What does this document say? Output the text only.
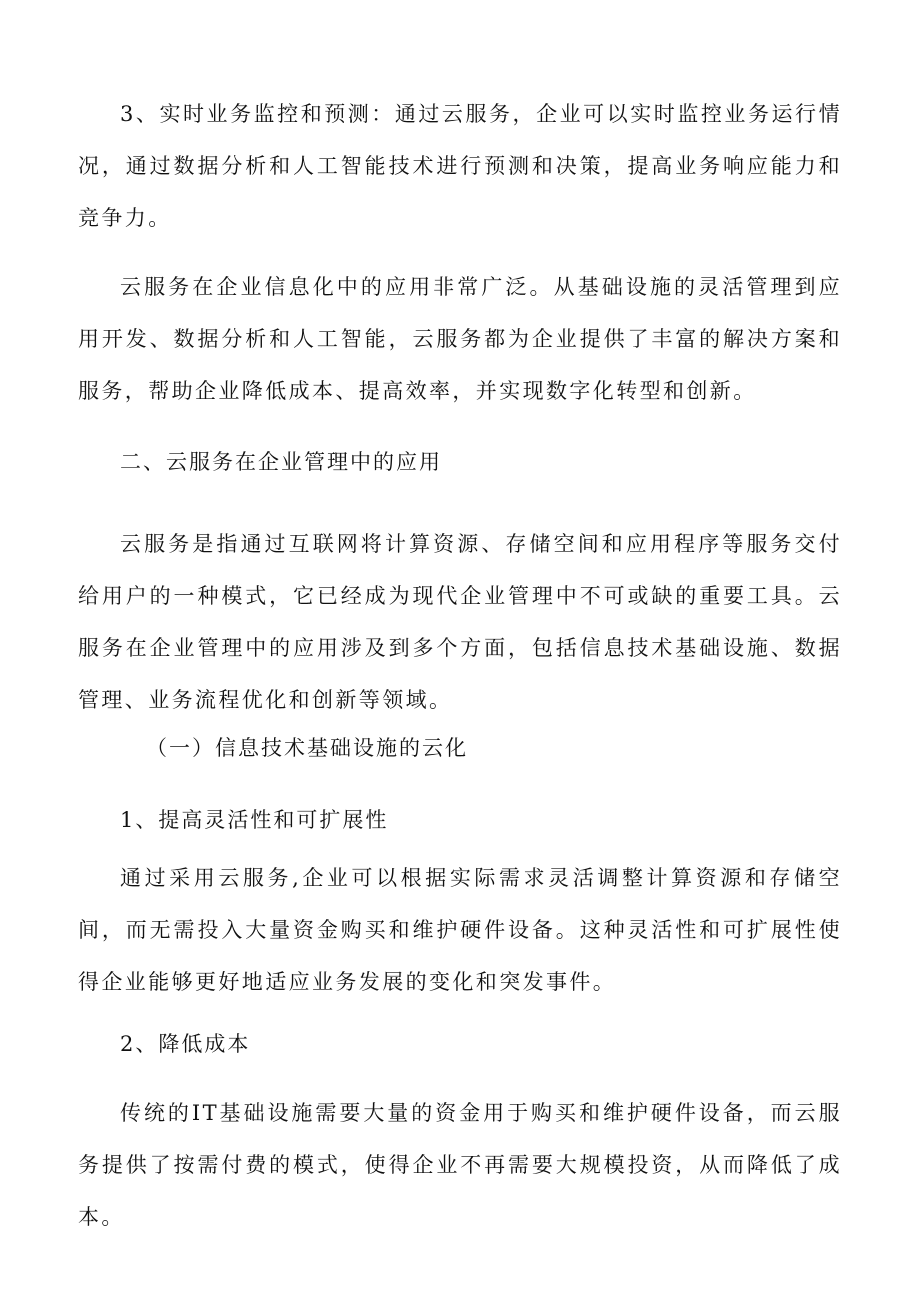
3、实时业务监控和预测：通过云服务，企业可以实时监控业务运行情况，通过数据分析和人工智能技术进行预测和决策，提高业务响应能力和竞争力。

云服务在企业信息化中的应用非常广泛。从基础设施的灵活管理到应用开发、数据分析和人工智能，云服务都为企业提供了丰富的解决方案和服务，帮助企业降低成本、提高效率，并实现数字化转型和创新。

二、云服务在企业管理中的应用

云服务是指通过互联网将计算资源、存储空间和应用程序等服务交付给用户的一种模式，它已经成为现代企业管理中不可或缺的重要工具。云服务在企业管理中的应用涉及到多个方面，包括信息技术基础设施、数据管理、业务流程优化和创新等领域。

（一）信息技术基础设施的云化

1、提高灵活性和可扩展性

通过采用云服务,企业可以根据实际需求灵活调整计算资源和存储空间，而无需投入大量资金购买和维护硬件设备。这种灵活性和可扩展性使得企业能够更好地适应业务发展的变化和突发事件。

2、降低成本

传统的IT基础设施需要大量的资金用于购买和维护硬件设备，而云服务提供了按需付费的模式，使得企业不再需要大规模投资，从而降低了成本。
